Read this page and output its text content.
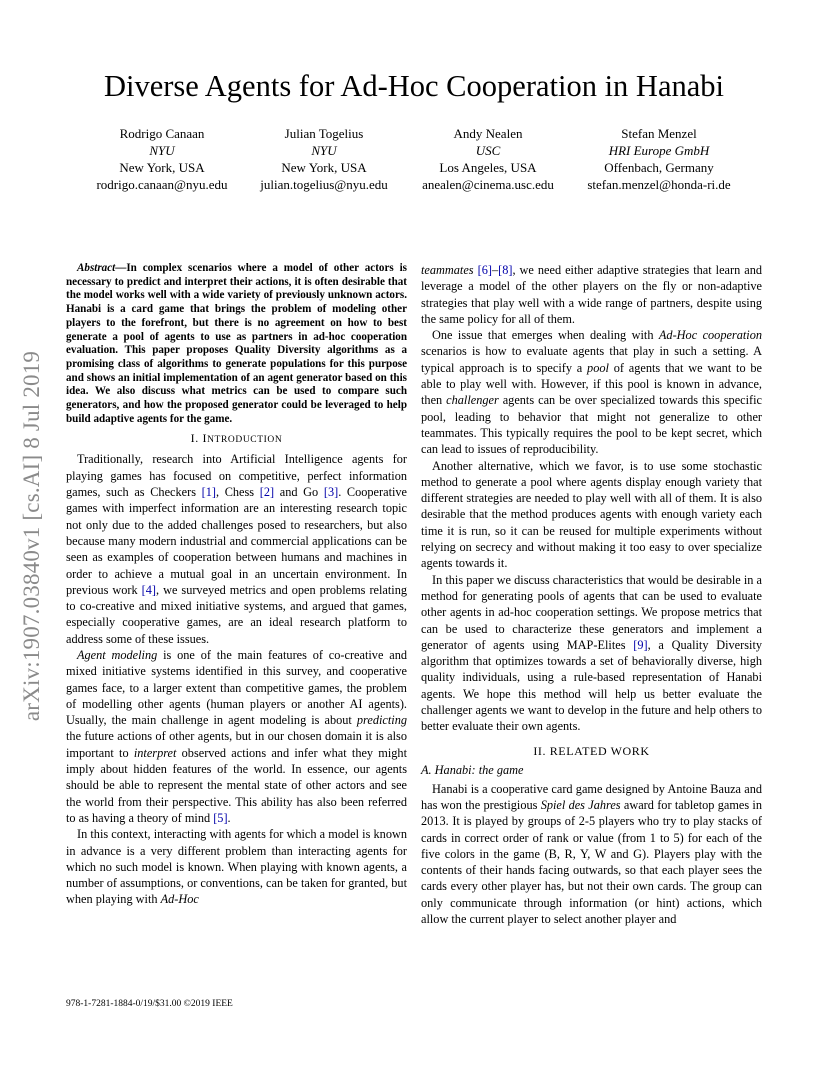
Diverse Agents for Ad-Hoc Cooperation in Hanabi
Rodrigo Canaan
NYU
New York, USA
rodrigo.canaan@nyu.edu
Julian Togelius
NYU
New York, USA
julian.togelius@nyu.edu
Andy Nealen
USC
Los Angeles, USA
anealen@cinema.usc.edu
Stefan Menzel
HRI Europe GmbH
Offenbach, Germany
stefan.menzel@honda-ri.de
arXiv:1907.03840v1 [cs.AI] 8 Jul 2019

Abstract—In complex scenarios where a model of other actors is necessary to predict and interpret their actions, it is often desirable that the model works well with a wide variety of previously unknown actors. Hanabi is a card game that brings the problem of modeling other players to the forefront, but there is no agreement on how to best generate a pool of agents to use as partners in ad-hoc cooperation evaluation. This paper proposes Quality Diversity algorithms as a promising class of algorithms to generate populations for this purpose and shows an initial implementation of an agent generator based on this idea. We also discuss what metrics can be used to compare such generators, and how the proposed generator could be leveraged to help build adaptive agents for the game.

I. INTRODUCTION

Traditionally, research into Artificial Intelligence agents for playing games has focused on competitive, perfect information games, such as Checkers [1], Chess [2] and Go [3]. Cooperative games with imperfect information are an interesting research topic not only due to the added challenges posed to researchers, but also because many modern industrial and commercial applications can be seen as examples of cooperation between humans and machines in order to achieve a mutual goal in an uncertain environment. In previous work [4], we surveyed metrics and open problems relating to co-creative and mixed initiative systems, and argued that games, especially cooperative games, are an ideal research platform to address some of these issues.

Agent modeling is one of the main features of co-creative and mixed initiative systems identified in this survey, and cooperative games face, to a larger extent than competitive games, the problem of modelling other agents (human players or another AI agents). Usually, the main challenge in agent modeling is about predicting the future actions of other agents, but in our chosen domain it is also important to interpret observed actions and infer what they might imply about hidden features of the world. In essence, our agents should be able to represent the mental state of other actors and see the world from their perspective. This ability has also been referred to as having a theory of mind [5].

In this context, interacting with agents for which a model is known in advance is a very different problem than interacting agents for which no such model is known. When playing with known agents, a number of assumptions, or conventions, can be taken for granted, but when playing with Ad-Hoc

teammates [6]–[8], we need either adaptive strategies that learn and leverage a model of the other players on the fly or non-adaptive strategies that play well with a wide range of partners, despite using the same policy for all of them.

One issue that emerges when dealing with Ad-Hoc cooperation scenarios is how to evaluate agents that play in such a setting. A typical approach is to specify a pool of agents that we want to be able to play well with. However, if this pool is known in advance, then challenger agents can be over specialized towards this specific pool, leading to behavior that might not generalize to other teammates. This typically requires the pool to be kept secret, which can lead to issues of reproducibility.

Another alternative, which we favor, is to use some stochastic method to generate a pool where agents display enough variety that different strategies are needed to play well with all of them. It is also desirable that the method produces agents with enough variety each time it is run, so it can be reused for multiple experiments without relying on secrecy and without making it too easy to over specialize agents towards it.

In this paper we discuss characteristics that would be desirable in a method for generating pools of agents that can be used to evaluate other agents in ad-hoc cooperation settings. We propose metrics that can be used to characterize these generators and implement a generator of agents using MAP-Elites [9], a Quality Diversity algorithm that optimizes towards a set of behaviorally diverse, high quality individuals, using a rule-based representation of Hanabi agents. We hope this method will help us better evaluate the challenger agents we want to develop in the future and help others to better evaluate their own agents.

II. RELATED WORK
A. Hanabi: the game

Hanabi is a cooperative card game designed by Antoine Bauza and has won the prestigious Spiel des Jahres award for tabletop games in 2013. It is played by groups of 2-5 players who try to play stacks of cards in correct order of rank or value (from 1 to 5) for each of the five colors in the game (B, R, Y, W and G). Players play with the contents of their hands facing outwards, so that each player sees the cards every other player has, but not their own cards. The group can only communicate through information (or hint) actions, which allow the current player to select another player and

978-1-7281-1884-0/19/$31.00 ©2019 IEEE
